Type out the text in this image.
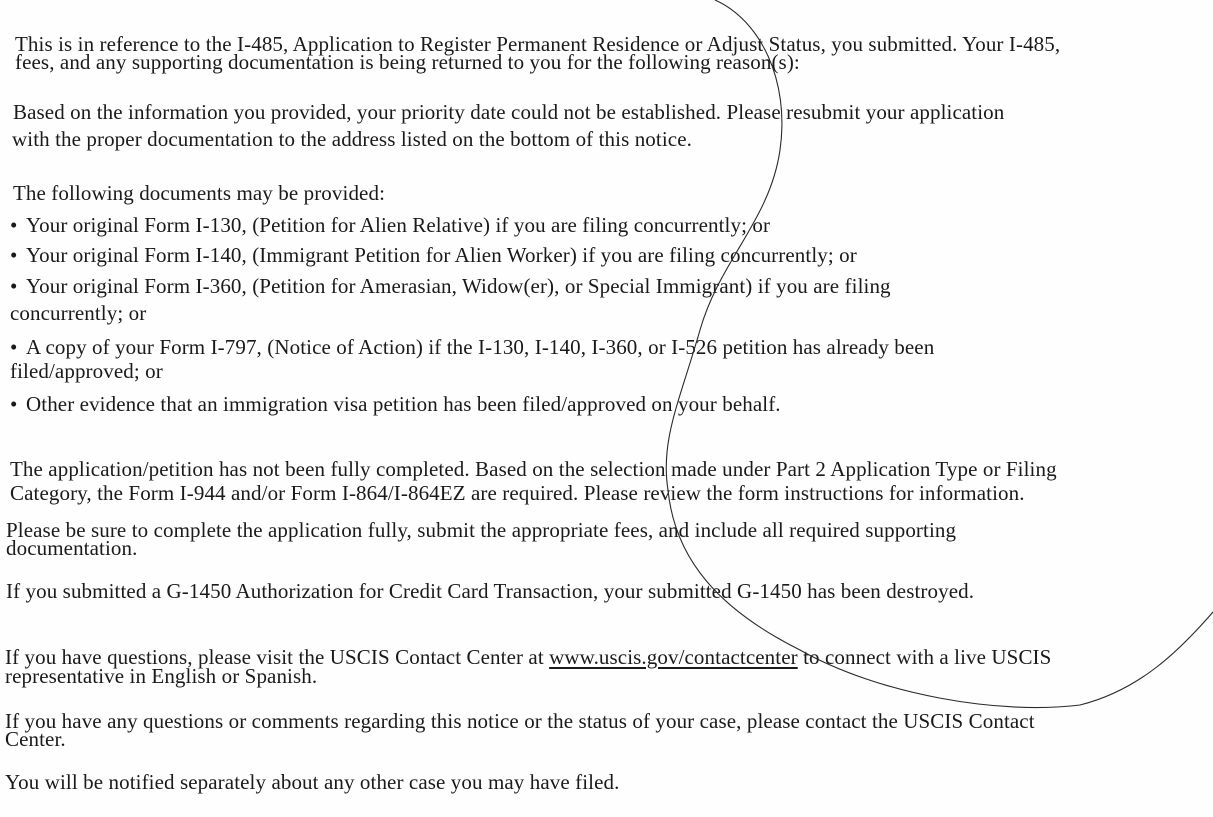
This is in reference to the I-485, Application to Register Permanent Residence or Adjust Status, you submitted. Your I-485,
fees, and any supporting documentation is being returned to you for the following reason(s):
Based on the information you provided, your priority date could not be established. Please resubmit your application
with the proper documentation to the address listed on the bottom of this notice.
The following documents may be provided:
• Your original Form I-130, (Petition for Alien Relative) if you are filing concurrently; or
• Your original Form I-140, (Immigrant Petition for Alien Worker) if you are filing concurrently; or
• Your original Form I-360, (Petition for Amerasian, Widow(er), or Special Immigrant) if you are filing
concurrently; or
• A copy of your Form I-797, (Notice of Action) if the I-130, I-140, I-360, or I-526 petition has already been
filed/approved; or
• Other evidence that an immigration visa petition has been filed/approved on your behalf.
The application/petition has not been fully completed. Based on the selection made under Part 2 Application Type or Filing
Category, the Form I-944 and/or Form I-864/I-864EZ are required. Please review the form instructions for information.
Please be sure to complete the application fully, submit the appropriate fees, and include all required supporting
documentation.
If you submitted a G-1450 Authorization for Credit Card Transaction, your submitted G-1450 has been destroyed.
If you have questions, please visit the USCIS Contact Center at www.uscis.gov/contactcenter to connect with a live USCIS
representative in English or Spanish.
If you have any questions or comments regarding this notice or the status of your case, please contact the USCIS Contact
Center.
You will be notified separately about any other case you may have filed.
